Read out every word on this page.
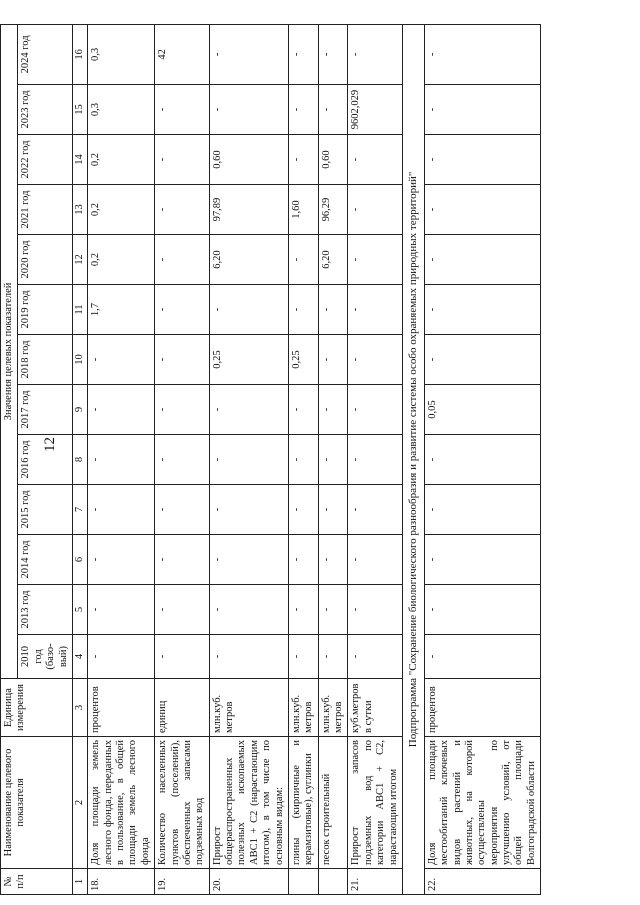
12
№ п/п	Наименование целевого показателя	Единица измерения	Значения целевых показателей												
			2010 год (базо-вый)	2013 год	2014 год	2015 год	2016 год	2017 год	2018 год	2019 год	2020 год	2021 год	2022 год	2023 год	2024 год
1	2	3	4	5	6	7	8	9	10	11	12	13	14	15	16
18.	Доля площади земель лесного фонда, переданных в пользование, в общей площади земель лесного фонда	процентов	-	-	-	-	-	-	-	1,7	0,2	0,2	0,2	0,3	0,3
19.	Количество населенных пунктов (поселений), обеспеченных запасами подземных вод	единиц	-	-	-	-	-	-	-	-	-	-	-	-	42
20.	Прирост общераспространенных полезных ископаемых АВС1 + С2 (нарастающим итогом), в том числе по основным видам:	млн.куб. метров	-	-	-	-	-	-	0,25	-	6,20	97,89	0,60	-	-
	глины (кирпичные и керамзитовые), суглинки	млн.куб. метров	-	-	-	-	-	-	0,25	-	-	1,60	-	-	-
	песок строительный	млн.куб. метров	-	-	-	-	-	-	-	-	6,20	96,29	0,60	-	-
21.	Прирост запасов подземных вод по категории АВС1 + С2, нарастающим итогом	куб.метров в сутки	-	-	-	-	-	-	-	-	-	-	-	9602,029	-
Подпрограмма "Сохранение биологического разнообразия и развитие системы особо охраняемых природных территорий"															
22.	Доля площади местообитаний ключевых видов растений и животных, на которой осуществлены мероприятия по улучшению условий, от общей площади Волгоградской области	процентов	-	-	-	-	-	0,05	-	-	-	-	-	-	-
